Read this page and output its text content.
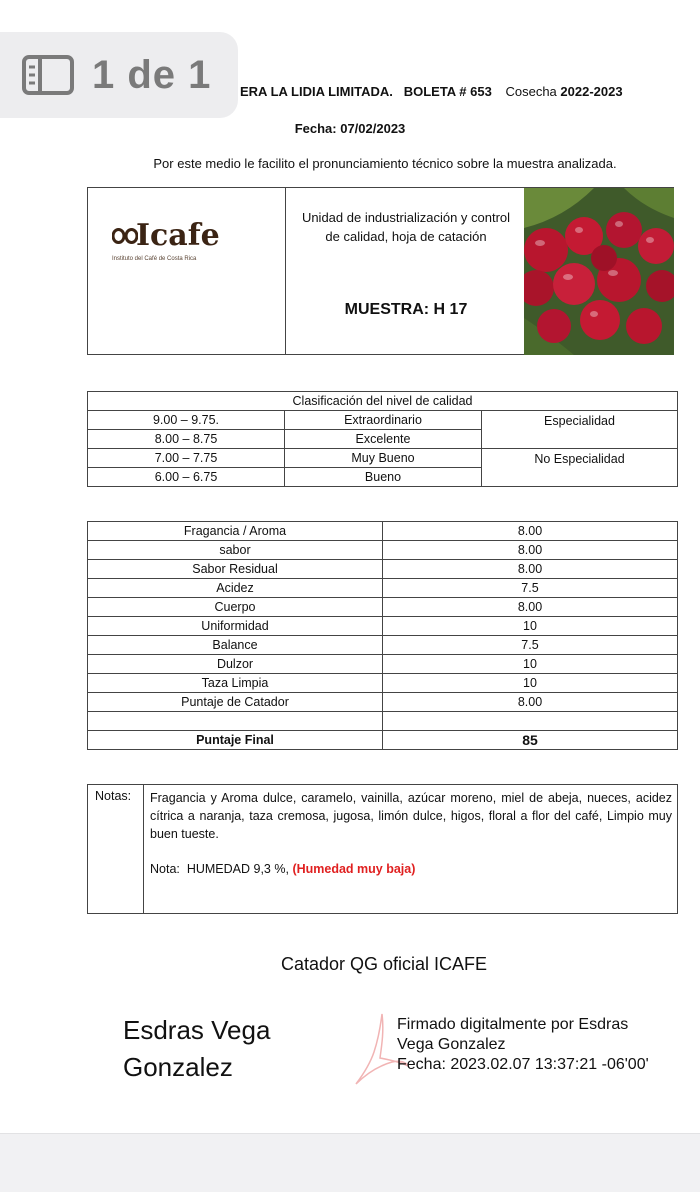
ERA LA LIDIA LIMITADA. BOLETA # 653 Cosecha 2022-2023
Fecha: 07/02/2023
Por este medio le facilito el pronunciamiento técnico sobre la muestra analizada.
Icafe
Instituto del Café de Costa Rica
Unidad de industrialización y control
de calidad, hoja de catación
MUESTRA: H 17
Clasificación del nivel de calidad		
9.00 – 9.75.	Extraordinario	Especialidad
8.00 – 8.75	Excelente	
7.00 – 7.75	Muy Bueno	No Especialidad
6.00 – 6.75	Bueno	
Fragancia / Aroma	8.00
sabor	8.00
Sabor Residual	8.00
Acidez	7.5
Cuerpo	8.00
Uniformidad	10
Balance	7.5
Dulzor	10
Taza Limpia	10
Puntaje de Catador	8.00

Puntaje Final	85
Notas: Fragancia y Aroma dulce, caramelo, vainilla, azúcar moreno, miel de abeja, nueces, acidez cítrica a naranja, taza cremosa, jugosa, limón dulce, higos, floral a flor del café, Limpio muy buen tueste.
Nota: HUMEDAD 9,3 %, (Humedad muy baja)
Catador QG oficial ICAFE
Esdras Vega
Gonzalez
Firmado digitalmente por Esdras
Vega Gonzalez
Fecha: 2023.02.07 13:37:21 -06'00'
1 de 1
